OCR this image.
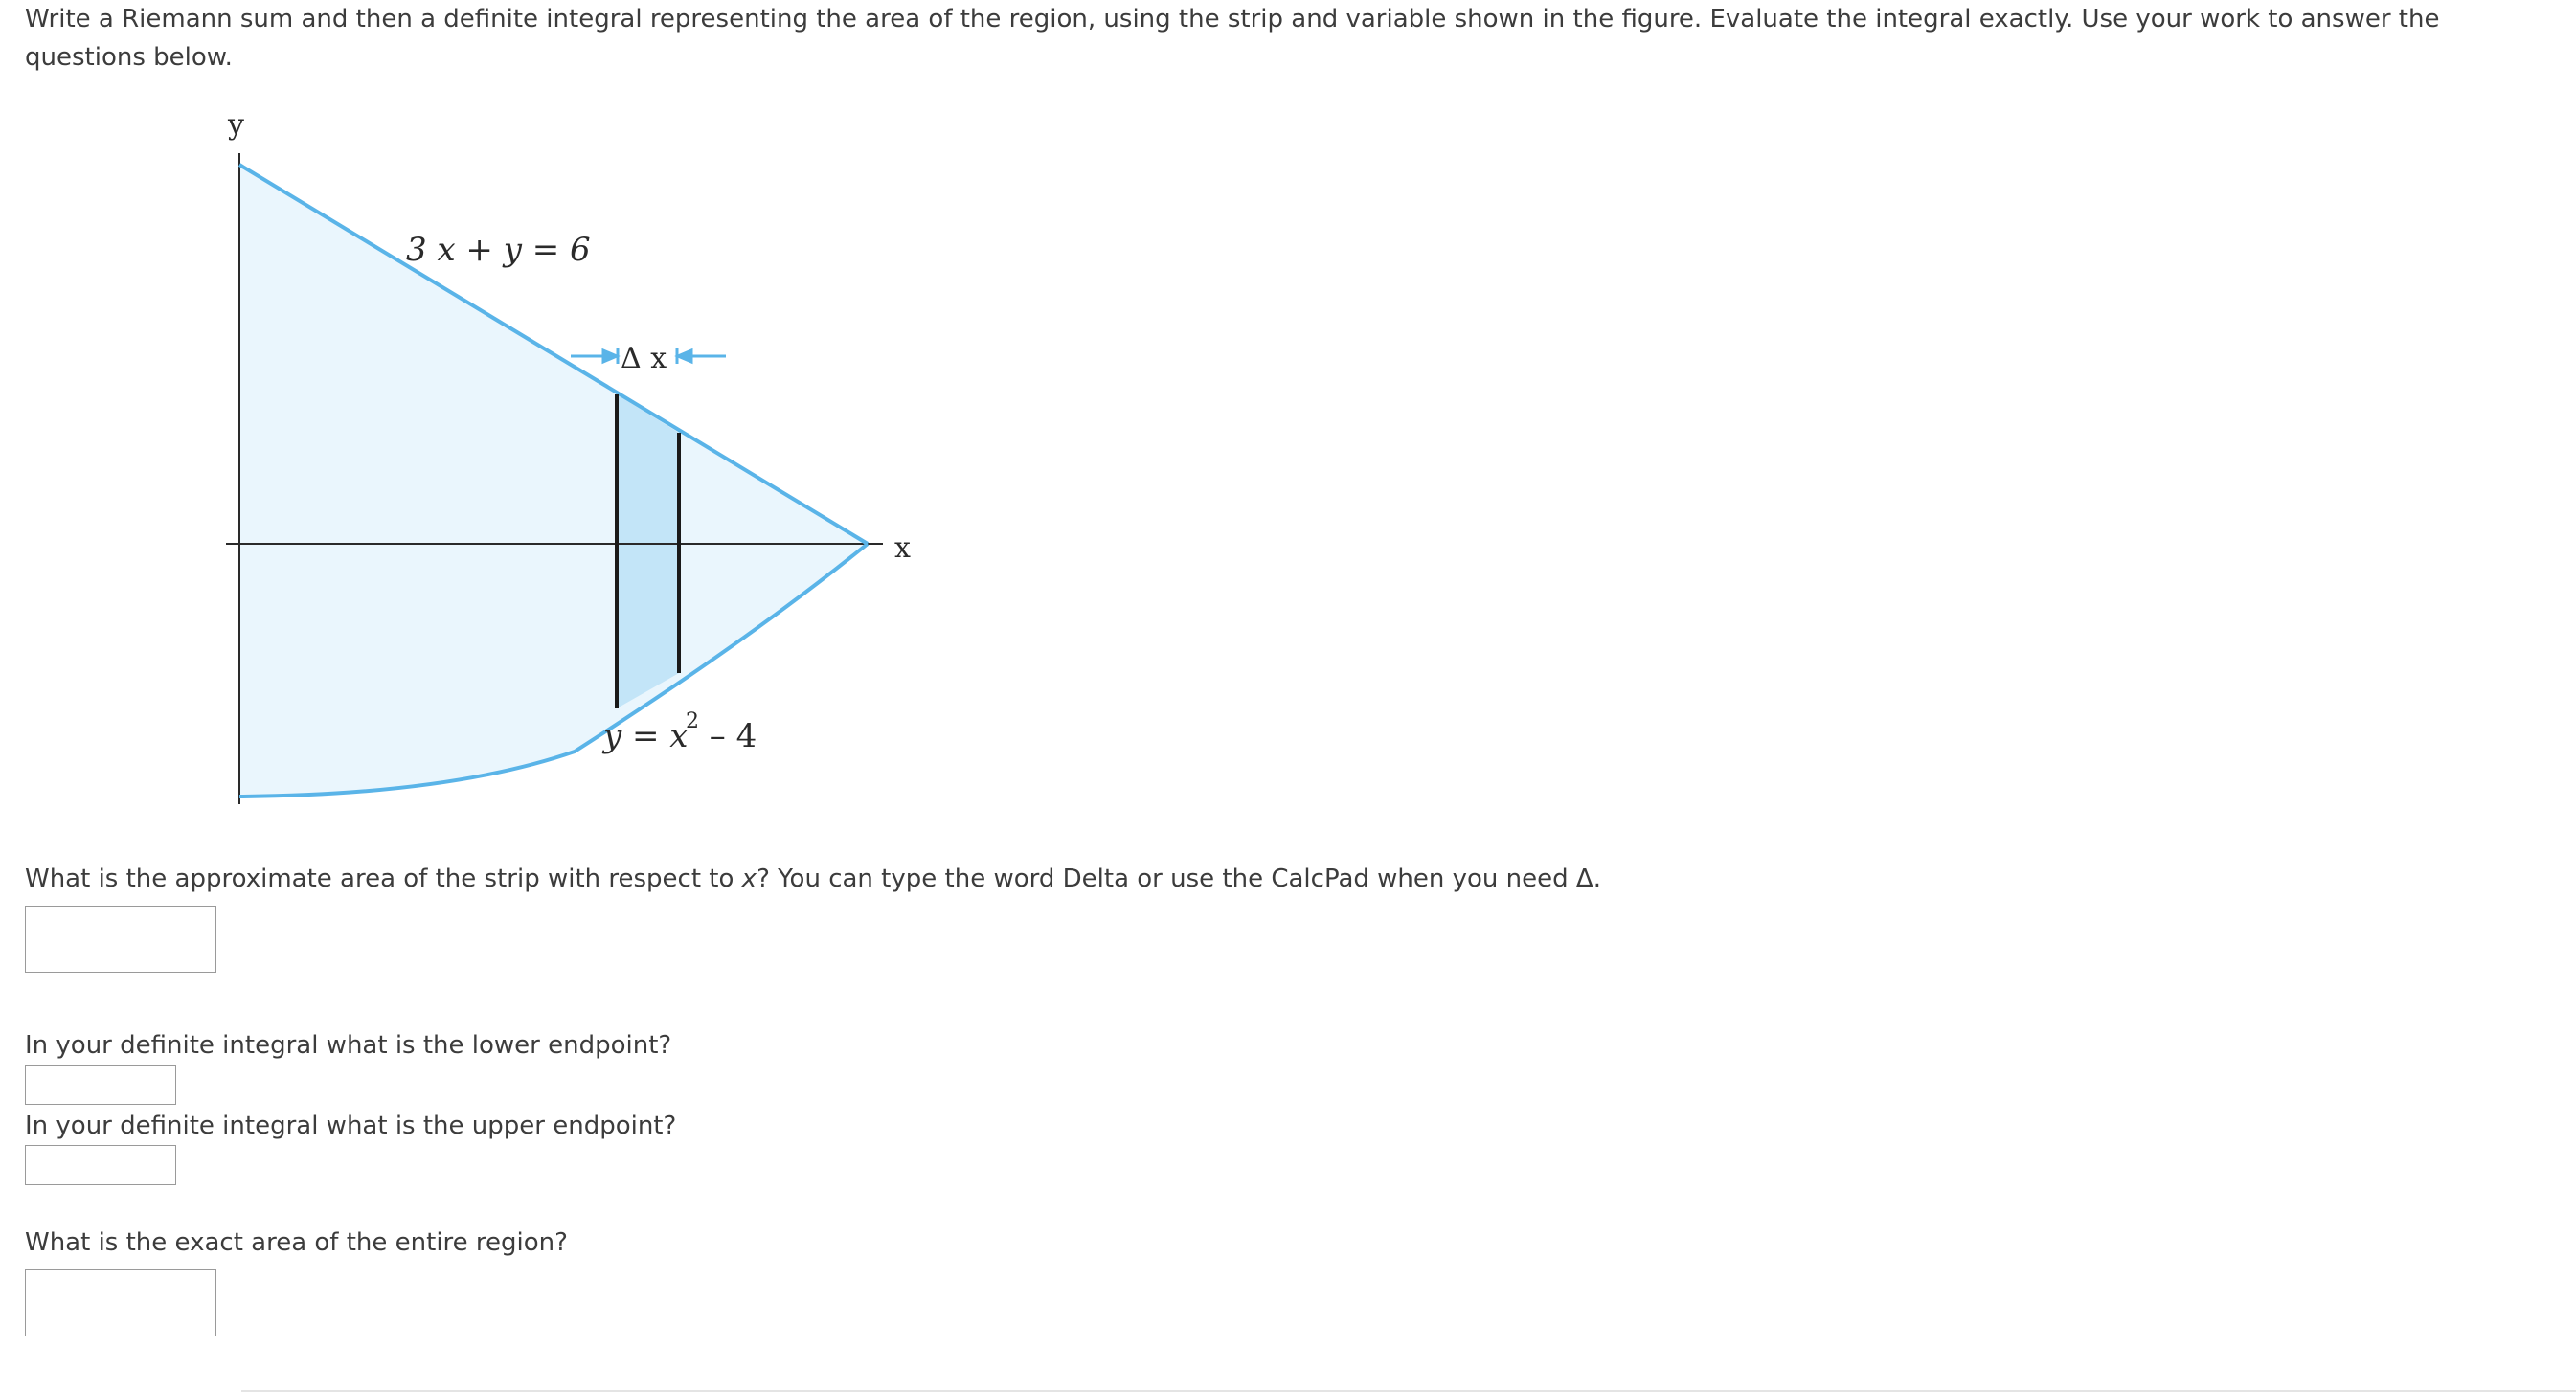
Write a Riemann sum and then a definite integral representing the area of the region, using the strip and variable shown in the figure. Evaluate the integral exactly. Use your work to answer the questions below.

y
x
3 x + y = 6
Δ x
y = x
2 – 4

What is the approximate area of the strip with respect to x? You can type the word Delta or use the CalcPad when you need Δ.

In your definite integral what is the lower endpoint?

In your definite integral what is the upper endpoint?

What is the exact area of the entire region?
